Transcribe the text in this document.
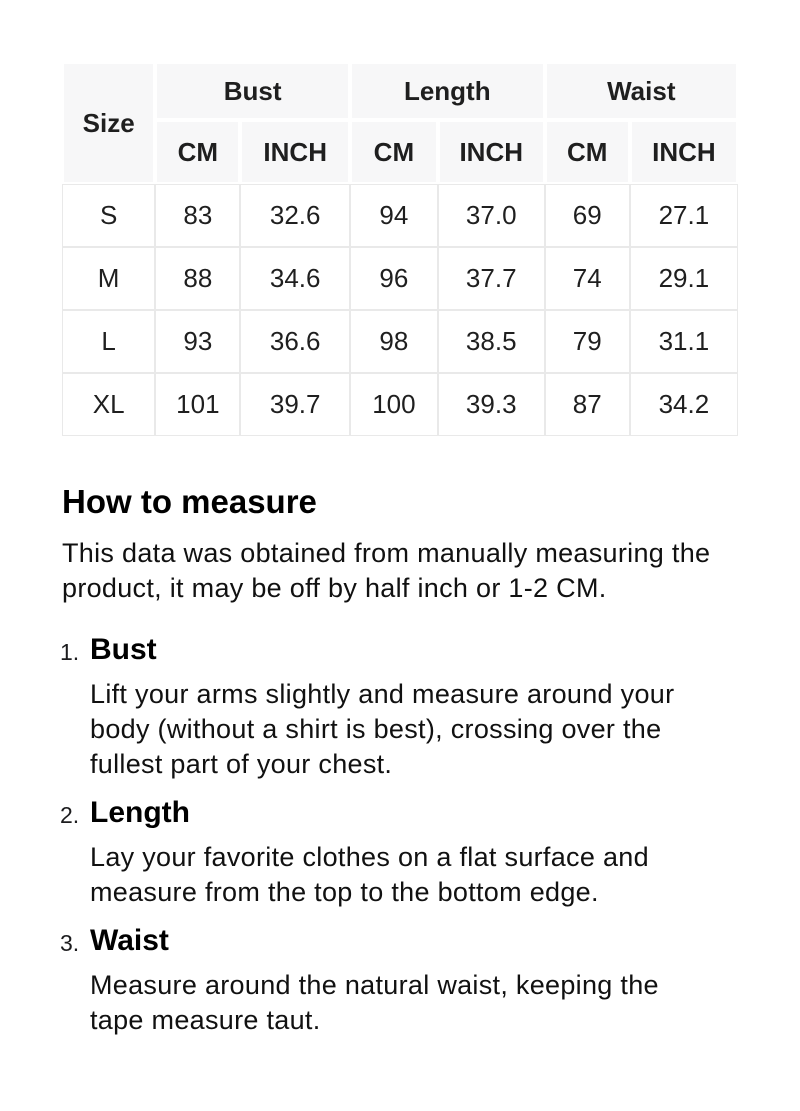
Size	Bust		Length		Waist	
	CM	INCH	CM	INCH	CM	INCH
S	83	32.6	94	37.0	69	27.1
M	88	34.6	96	37.7	74	29.1
L	93	36.6	98	38.5	79	31.1
XL	101	39.7	100	39.3	87	34.2
How to measure

This data was obtained from manually measuring the product, it may be off by half inch or 1-2 CM.

1. Bust

Lift your arms slightly and measure around your body (without a shirt is best), crossing over the fullest part of your chest.

2. Length

Lay your favorite clothes on a flat surface and measure from the top to the bottom edge.

3. Waist

Measure around the natural waist, keeping the tape measure taut.
